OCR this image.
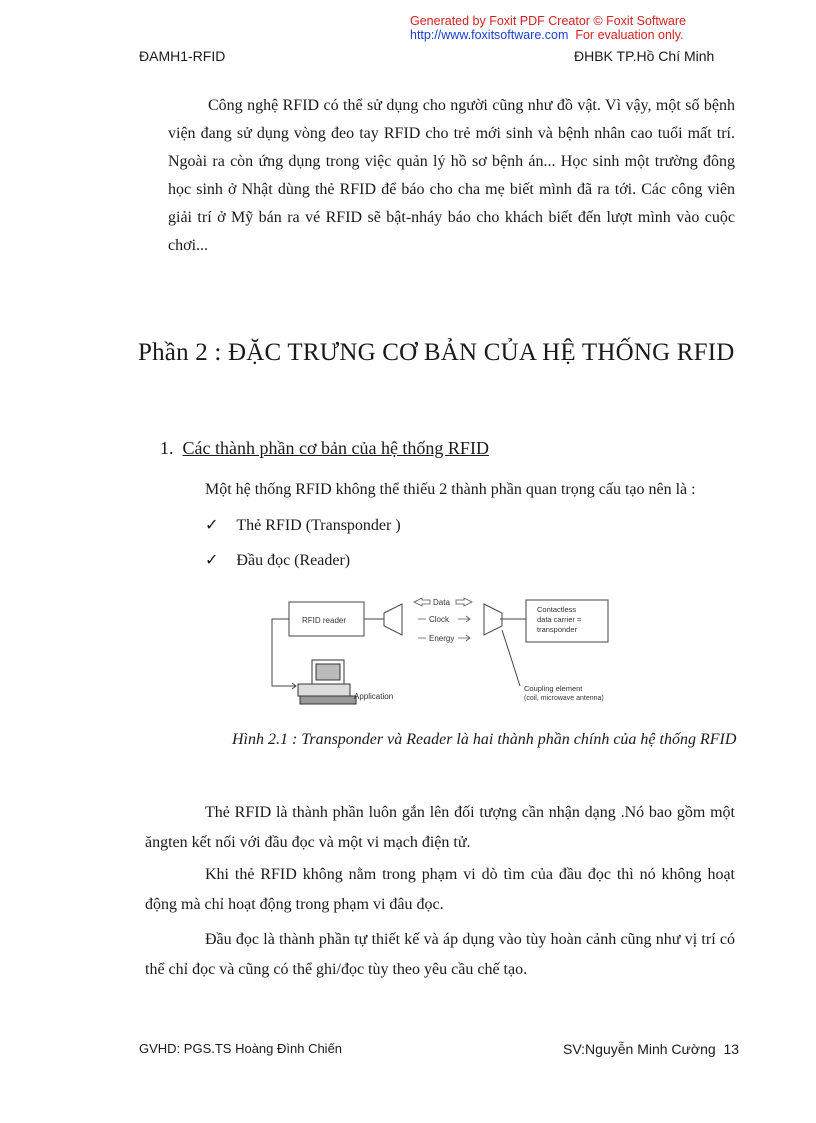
Generated by Foxit PDF Creator © Foxit Software
http://www.foxitsoftware.com For evaluation only.
ĐAMH1-RFID	ĐHBK TP.Hồ Chí Minh
Công nghệ RFID có thể sử dụng cho người cũng như đồ vật. Vì vậy, một số bệnh viện đang sử dụng vòng đeo tay RFID cho trẻ mới sinh và bệnh nhân cao tuổi mất trí. Ngoài ra còn ứng dụng trong việc quản lý hồ sơ bệnh án... Học sinh một trường đông học sinh ở Nhật dùng thẻ RFID để báo cho cha mẹ biết mình đã ra tới. Các công viên giải trí ở Mỹ bán ra vé RFID sẽ bật-nháy báo cho khách biết đến lượt mình vào cuộc chơi...
Phần 2 : ĐẶC TRƯNG CƠ BẢN CỦA HỆ THỐNG RFID
1. Các thành phần cơ bản của hệ thống RFID
Một hệ thống RFID không thể thiếu 2 thành phần quan trọng cấu tạo nên là :
✓ Thẻ RFID (Transponder )
✓ Đầu đọc (Reader)
RFID reader
Data
Clock
Energy
Contactless
data carrier =
transponder
Application
Coupling element
(coil, microwave antenna)
Hình 2.1 : Transponder và Reader là hai thành phần chính của hệ thống RFID
Thẻ RFID là thành phần luôn gắn lên đối tượng cần nhận dạng .Nó bao gồm một ăngten kết nối với đầu đọc và một vi mạch điện tử.
Khi thẻ RFID không nằm trong phạm vi dò tìm của đầu đọc thì nó không hoạt động mà chỉ hoạt động trong phạm vi đâu đọc.
Đầu đọc là thành phần tự thiết kế và áp dụng vào tùy hoàn cảnh cũng như vị trí có thể chỉ đọc và cũng có thể ghi/đọc tùy theo yêu cầu chế tạo.
GVHD: PGS.TS Hoàng Đình Chiến	SV:Nguyễn Minh Cường 13
